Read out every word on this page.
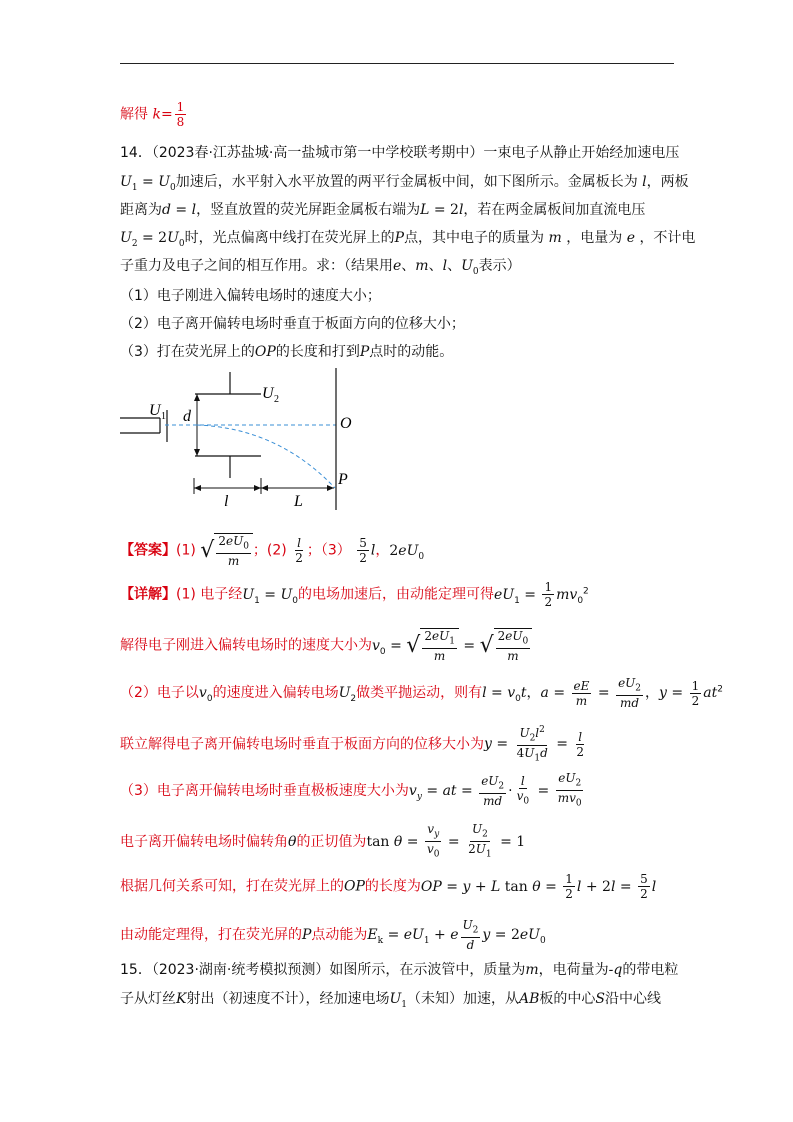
解得 $k= \frac{1}{8}$
14．（2023春·江苏盐城·高一盐城市第一中学校联考期中）一束电子从静止开始经加速电压
$U_1 = U_0$加速后，水平射入水平放置的两平行金属板中间，如下图所示。金属板长为 l，两板
距离为d = l，竖直放置的荧光屏距金属板右端为L = 2l，若在两金属板间加直流电压
$U_2 = 2U_0$时，光点偏离中线打在荧光屏上的P点，其中电子的质量为 m ，电量为 e ，不计电
子重力及电子之间的相互作用。求：（结果用e、m、l、$U_0$表示）
（1）电子刚进入偏转电场时的速度大小；
（2）电子离开偏转电场时垂直于板面方向的位移大小；
（3）打在荧光屏上的OP的长度和打到P点时的动能。
U 1 d
U 2
O
P
l	L
【答案】(1) √ $\frac{2eU_0}{m}$ ；$(2) \frac{l}{2}$ ；$(3) \frac{5}{2}$ l，$2eU_0$
【详解】(1) 电子经$U_1 = U_0$的电场加速后，由动能定理可得$eU_1 = \frac{1}{2} mv_0^2$
解得电子刚进入偏转电场时的速度大小为$v_0$ = √ $\frac{2eU_1}{m}$ = √ $\frac{2eU_0}{m}$
（2）电子以$v_0$的速度进入偏转电场$U_2$做类平抛运动，则有$l = v_0t$，$a = \frac{eE}{m} = \frac{eU_2}{md}$ ，$y = \frac{1}{2} at^2$
联立解得电子离开偏转电场时垂直于板面方向的位移大小为$y = \frac{U_2l^2}{4U_1d} = \frac{l}{2}$
（3）电子离开偏转电场时垂直极板速度大小为$v_y$ = at = $\frac{eU_2}{md} \cdot \frac{l}{v_0} = \frac{eU_2}{mv_0}$
电子离开偏转电场时偏转角θ的正切值为$\tan \theta = \frac{v_y}{v_0} = \frac{U_2}{2U_1} = 1$
根据几何关系可知，打在荧光屏上的OP的长度为OP = y + L $\tan \theta = \frac{1}{2}$ $l + 2l = \frac{5}{2}$ l
由动能定理得，打在荧光屏的P点动能为$E_k = eU_1 + e \frac{U_2}{d}$ $y = 2eU_0$
15．（2023·湖南·统考模拟预测）如图所示，在示波管中，质量为m，电荷量为-q的带电粒
子从灯丝K射出（初速度不计），经加速电场$U_1$（未知）加速，从AB板的中心S沿中心线
